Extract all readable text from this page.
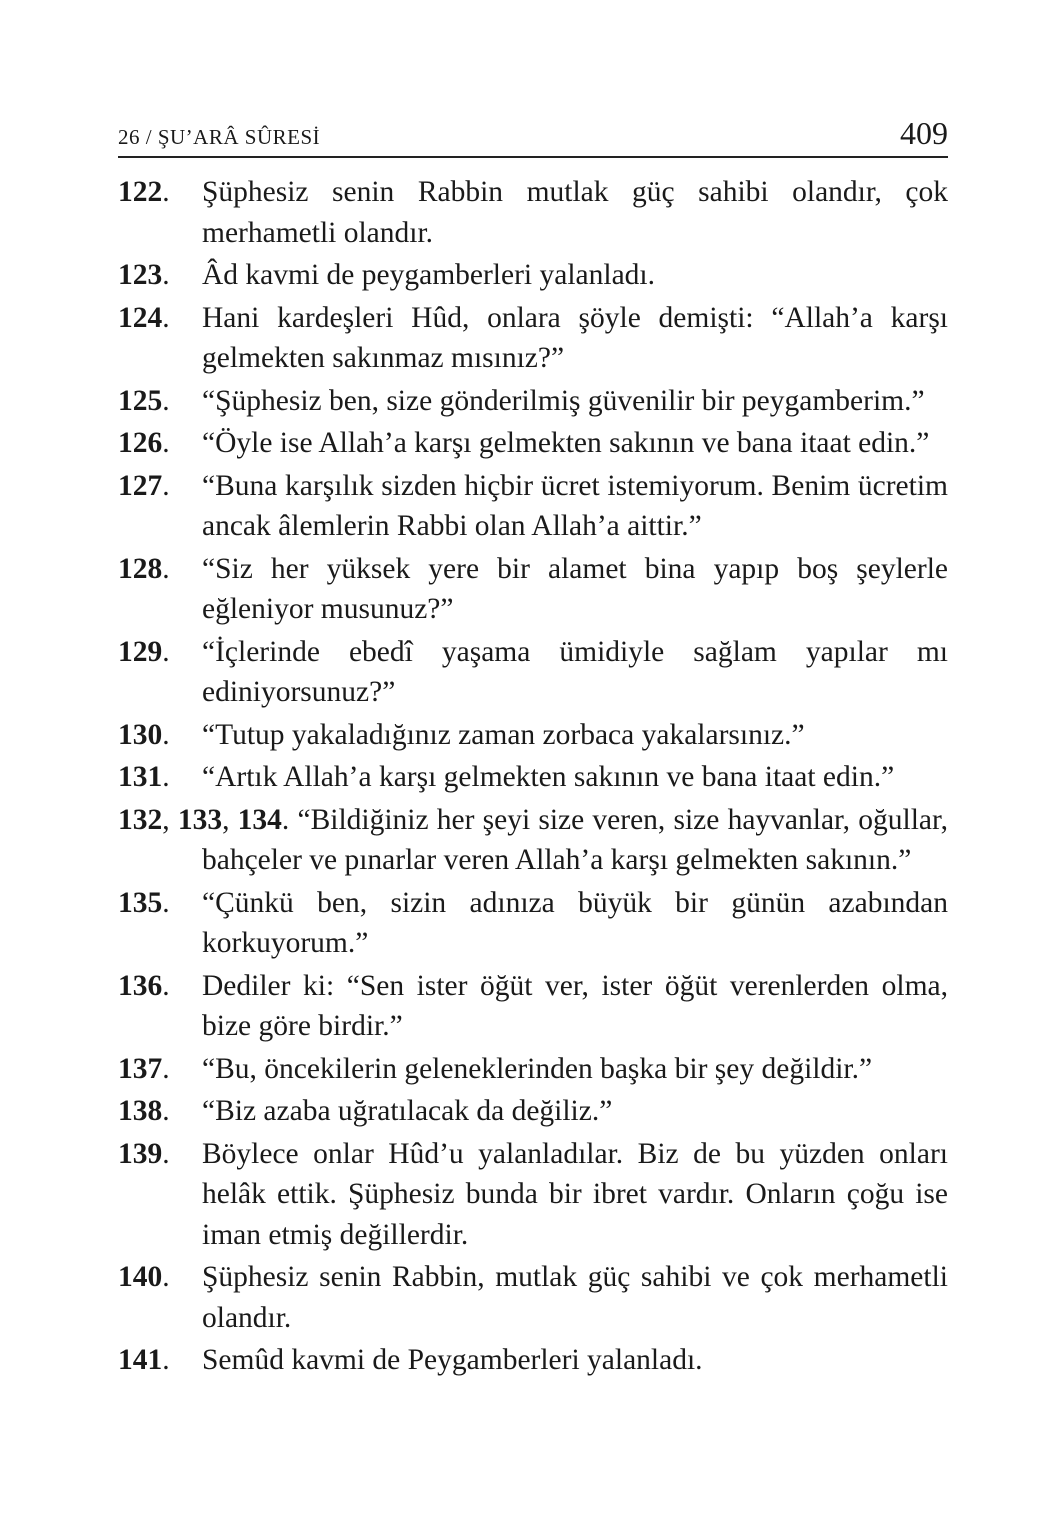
26 / ŞU’ARÂ SÛRESİ	409
122. Şüphesiz senin Rabbin mutlak güç sahibi olandır, çok merhametli olandır.
123. Âd kavmi de peygamberleri yalanladı.
124. Hani kardeşleri Hûd, onlara şöyle demişti: “Allah’a karşı gelmekten sakınmaz mısınız?”
125. “Şüphesiz ben, size gönderilmiş güvenilir bir peygamberim.”
126. “Öyle ise Allah’a karşı gelmekten sakının ve bana itaat edin.”
127. “Buna karşılık sizden hiçbir ücret istemiyorum. Benim ücretim ancak âlemlerin Rabbi olan Allah’a aittir.”
128. “Siz her yüksek yere bir alamet bina yapıp boş şeylerle eğleniyor musunuz?”
129. “İçlerinde ebedî yaşama ümidiyle sağlam yapılar mı ediniyorsunuz?”
130. “Tutup yakaladığınız zaman zorbaca yakalarsınız.”
131. “Artık Allah’a karşı gelmekten sakının ve bana itaat edin.”
132, 133, 134. “Bildiğiniz her şeyi size veren, size hayvanlar, oğullar, bahçeler ve pınarlar veren Allah’a karşı gelmekten sakının.”
135. “Çünkü ben, sizin adınıza büyük bir günün azabından korkuyorum.”
136. Dediler ki: “Sen ister öğüt ver, ister öğüt verenlerden olma, bize göre birdir.”
137. “Bu, öncekilerin geleneklerinden başka bir şey değildir.”
138. “Biz azaba uğratılacak da değiliz.”
139. Böylece onlar Hûd’u yalanladılar. Biz de bu yüzden onları helâk ettik. Şüphesiz bunda bir ibret vardır. Onların çoğu ise iman etmiş değillerdir.
140. Şüphesiz senin Rabbin, mutlak güç sahibi ve çok merhametli olandır.
141. Semûd kavmi de Peygamberleri yalanladı.
